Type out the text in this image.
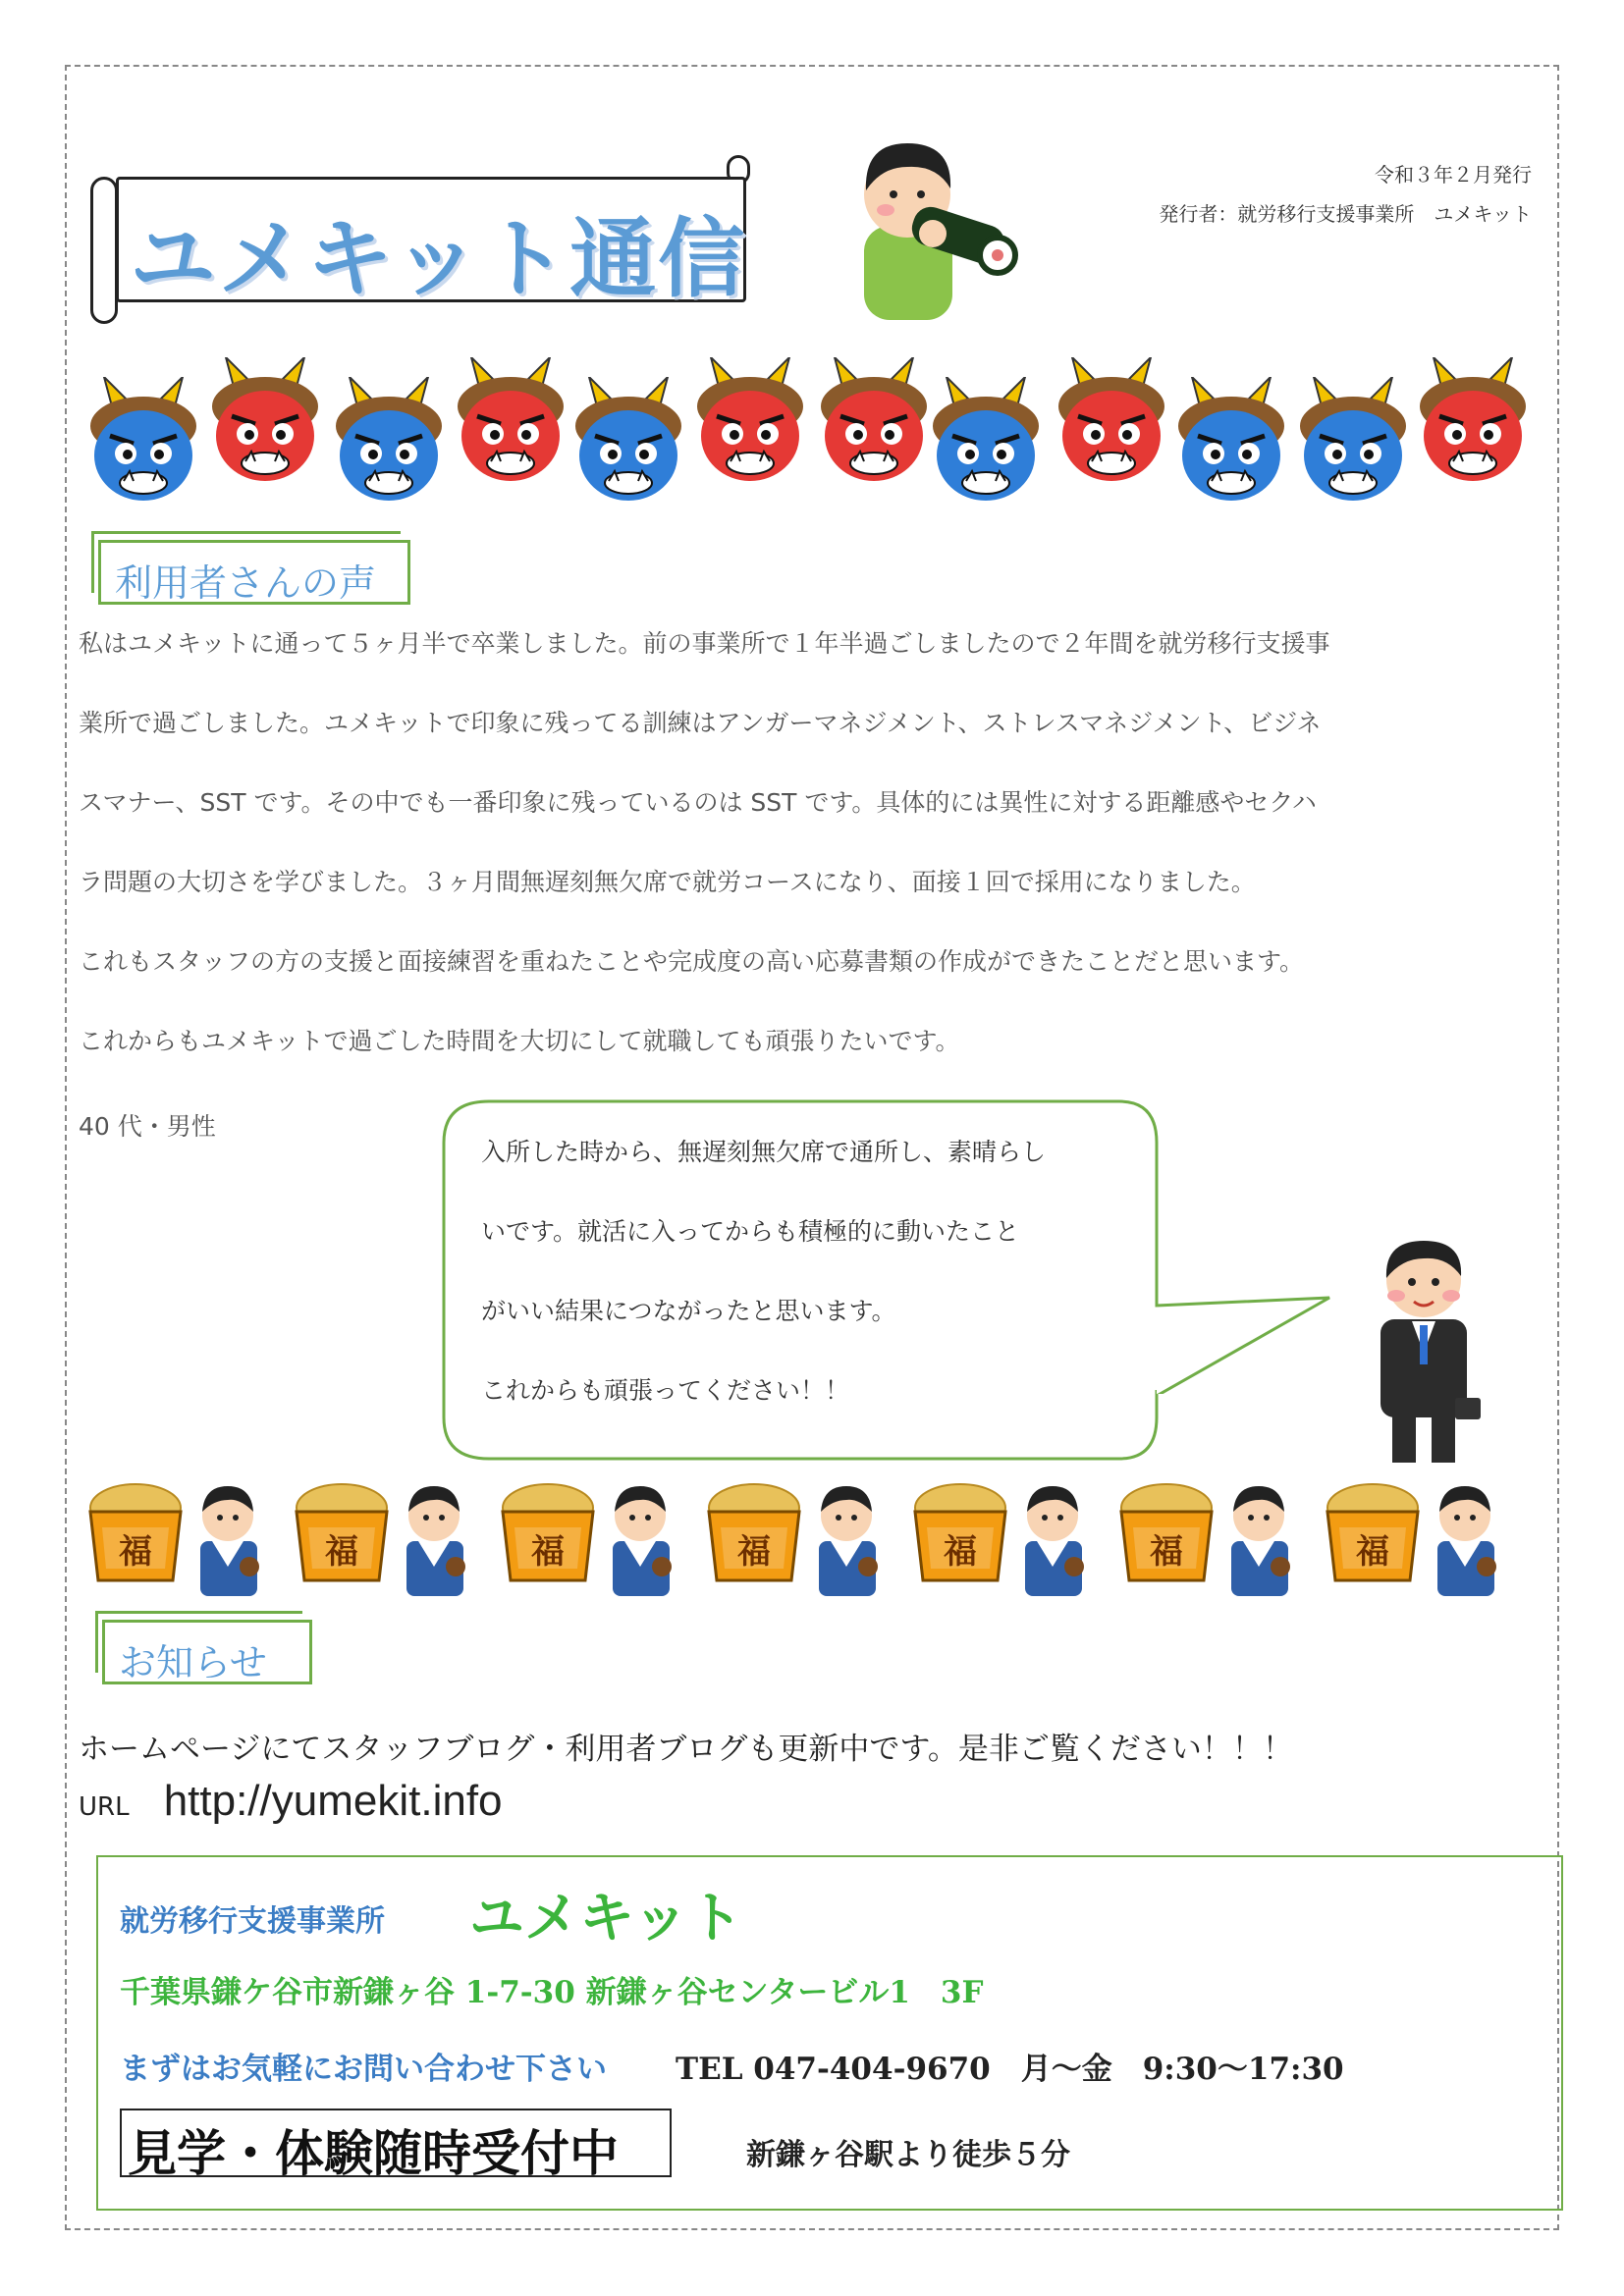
ユメキット通信
令和３年２月発行
発行者：就労移行支援事業所　ユメキット
利用者さんの声

私はユメキットに通って５ヶ月半で卒業しました。前の事業所で１年半過ごしましたので２年間を就労移行支援事

業所で過ごしました。ユメキットで印象に残ってる訓練はアンガーマネジメント、ストレスマネジメント、ビジネ

スマナー、SST です。その中でも一番印象に残っているのは SST です。具体的には異性に対する距離感やセクハ

ラ問題の大切さを学びました。３ヶ月間無遅刻無欠席で就労コースになり、面接１回で採用になりました。

これもスタッフの方の支援と面接練習を重ねたことや完成度の高い応募書類の作成ができたことだと思います。

これからもユメキットで過ごした時間を大切にして就職しても頑張りたいです。

40 代・男性

入所した時から、無遅刻無欠席で通所し、素晴らし

いです。就活に入ってからも積極的に動いたこと

がいい結果につながったと思います。

これからも頑張ってください！！

福	福	福	福	福	福	福
お知らせ
ホームページにてスタッフブログ・利用者ブログも更新中です。是非ご覧ください！！！
URL http://yumekit.info
就労移行支援事業所 ユメキット
千葉県鎌ケ谷市新鎌ヶ谷 1-7-30 新鎌ヶ谷センタービル1　3F
まずはお気軽にお問い合わせ下さい TEL 047-404-9670　月～金　9:30～17:30
見学・体験随時受付中	新鎌ヶ谷駅より徒歩５分
